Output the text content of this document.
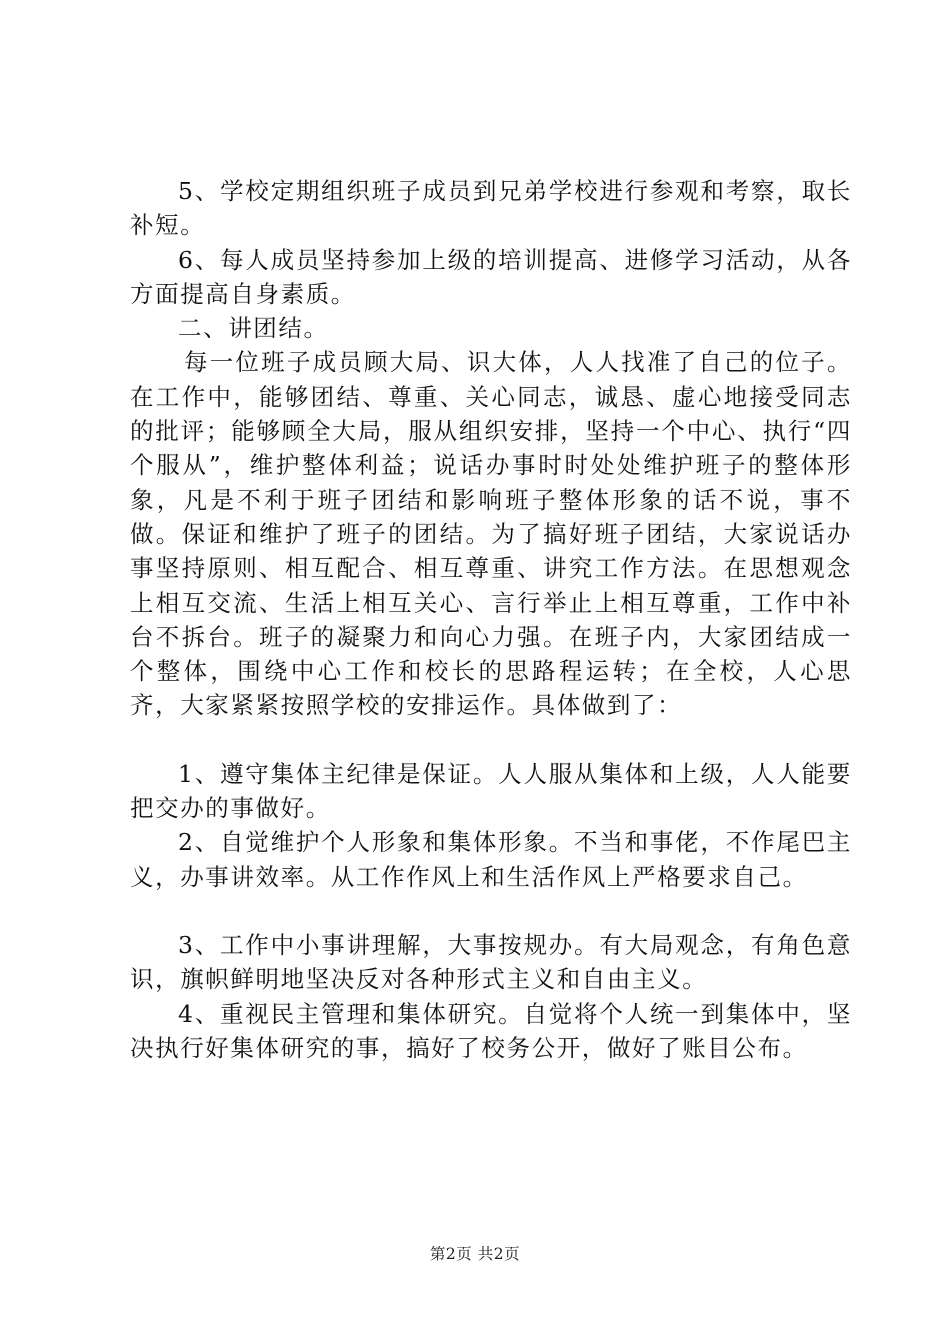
5、学校定期组织班子成员到兄弟学校进行参观和考察，取长补短。

6、每人成员坚持参加上级的培训提高、进修学习活动，从各方面提高自身素质。

二、讲团结。

每一位班子成员顾大局、识大体，人人找准了自己的位子。在工作中，能够团结、尊重、关心同志，诚恳、虚心地接受同志的批评；能够顾全大局，服从组织安排，坚持一个中心、执行“四个服从”，维护整体利益；说话办事时时处处维护班子的整体形象，凡是不利于班子团结和影响班子整体形象的话不说，事不做。保证和维护了班子的团结。为了搞好班子团结，大家说话办事坚持原则、相互配合、相互尊重、讲究工作方法。在思想观念上相互交流、生活上相互关心、言行举止上相互尊重，工作中补台不拆台。班子的凝聚力和向心力强。在班子内，大家团结成一个整体，围绕中心工作和校长的思路程运转；在全校，人心思齐，大家紧紧按照学校的安排运作。具体做到了：

1、遵守集体主纪律是保证。人人服从集体和上级，人人能要把交办的事做好。

2、自觉维护个人形象和集体形象。不当和事佬，不作尾巴主义，办事讲效率。从工作作风上和生活作风上严格要求自己。

3、工作中小事讲理解，大事按规办。有大局观念，有角色意识，旗帜鲜明地坚决反对各种形式主义和自由主义。

4、重视民主管理和集体研究。自觉将个人统一到集体中，坚决执行好集体研究的事，搞好了校务公开，做好了账目公布。

第2页 共2页
